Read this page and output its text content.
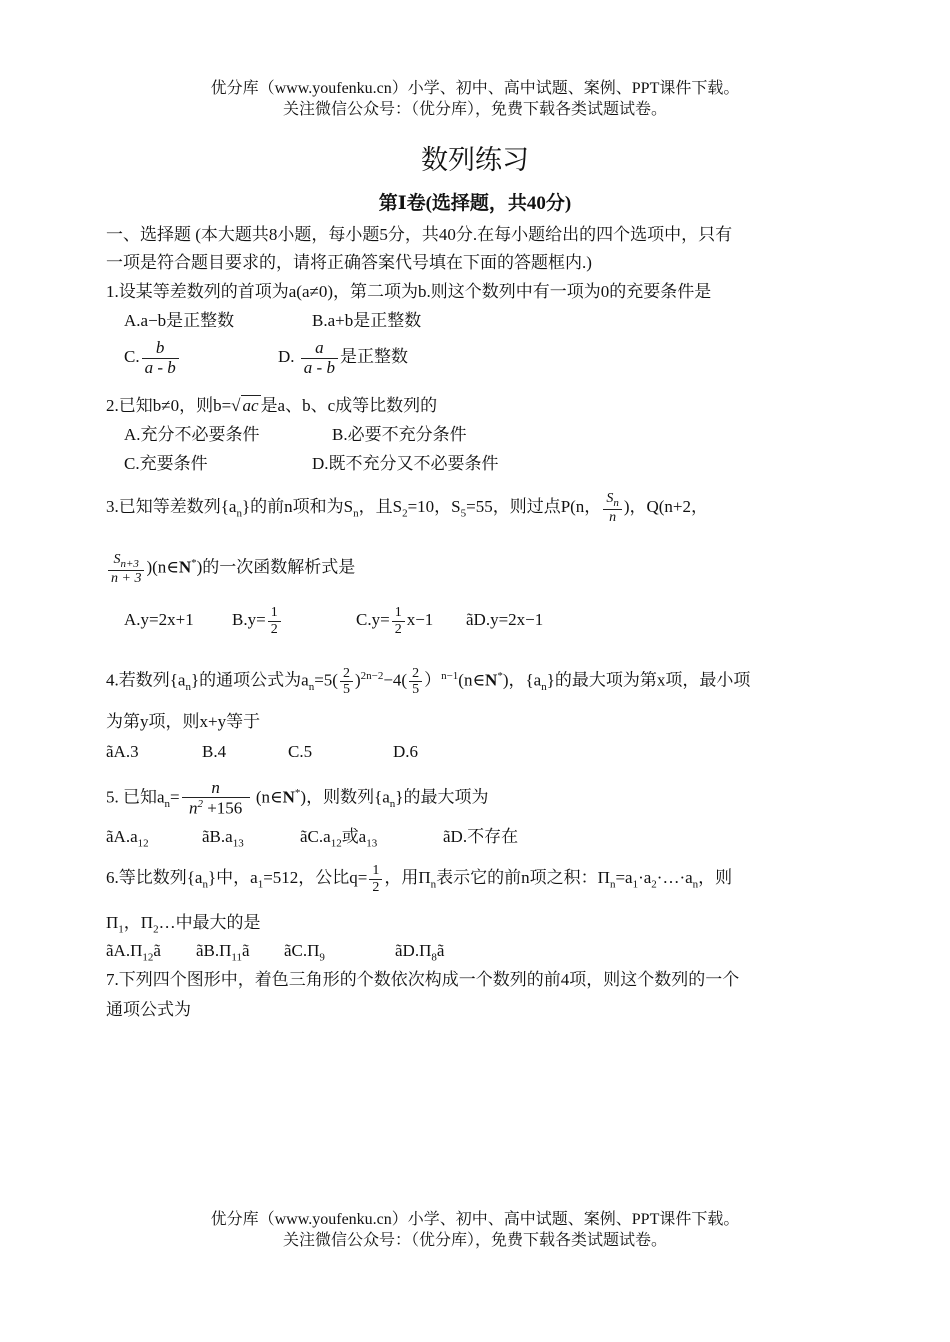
优分库（www.youfenku.cn）小学、初中、高中试题、案例、PPT课件下载。
关注微信公众号：（优分库），免费下载各类试题试卷。
数列练习
第Ⅰ卷(选择题，共40分)
一、选择题 (本大题共8小题，每小题5分，共40分.在每小题给出的四个选项中，只有
一项是符合题目要求的，请将正确答案代号填在下面的答题框内.)
1.设某等差数列的首项为a(a≠0)，第二项为b.则这个数列中有一项为0的充要条件是
A.a−b是正整数	B.a+b是正整数
C. $\frac{b}{a - b}$	D. $\frac{a}{a - b}$ 是正整数
2.已知b≠0，则b=√ ac 是a、b、c成等比数列的
A.充分不必要条件	B.必要不充分条件
C.充要条件	D.既不充分又不必要条件
3.已知等差数列$\{a_n\}$的前n项和为$S_n$，且$S_2=10$，$S_5=55$，则过点P(n， $\frac{S_n}{n}$ )，Q(n+2，
$\frac{S_{n+3}}{n + 3}$ )(n∈N*)的一次函数解析式是
A.y=2x+1 $B.y= \frac{1}{2}$	$C.y= \frac{1}{2} x-1$ ãD.y=2x−1
4.若数列$\{a_n\}$的通项公式为$a_n=5( \frac{2}{5} )^{2n-2}-4( \frac{2}{5}$ ）$^{n-1}$(n∈N*)，$\{a_n\}$的最大项为第x项，最小项
为第y项，则x+y等于
ãA.3	B.4	C.5	D.6
5. 已知$a_n= \frac{n}{n^2 +156}$ (n∈N*)，则数列$\{a_n\}$的最大项为
$ãA.a_{12}$	$ãB.a_{13}$	$ãC.a_{12}$或$a_{13}$	ãD.不存在
6.等比数列$\{a_n\}$中，$a_1=512$，公比$q= \frac{1}{2}$ ，用$\Pi_n$表示它的前n项之积：$\Pi_n=a_1\cdot a_2\cdot\dots\cdot a_n$，则
$\Pi_1$，$\Pi_2\dots$中最大的是
$ãA.\Pi_{12}ã$ $ãB.\Pi_{11}ã$ $ãC.\Pi_9$	$ãD.\Pi_8ã$
7.下列四个图形中，着色三角形的个数依次构成一个数列的前4项，则这个数列的一个
通项公式为
优分库（www.youfenku.cn）小学、初中、高中试题、案例、PPT课件下载。
关注微信公众号：（优分库），免费下载各类试题试卷。
